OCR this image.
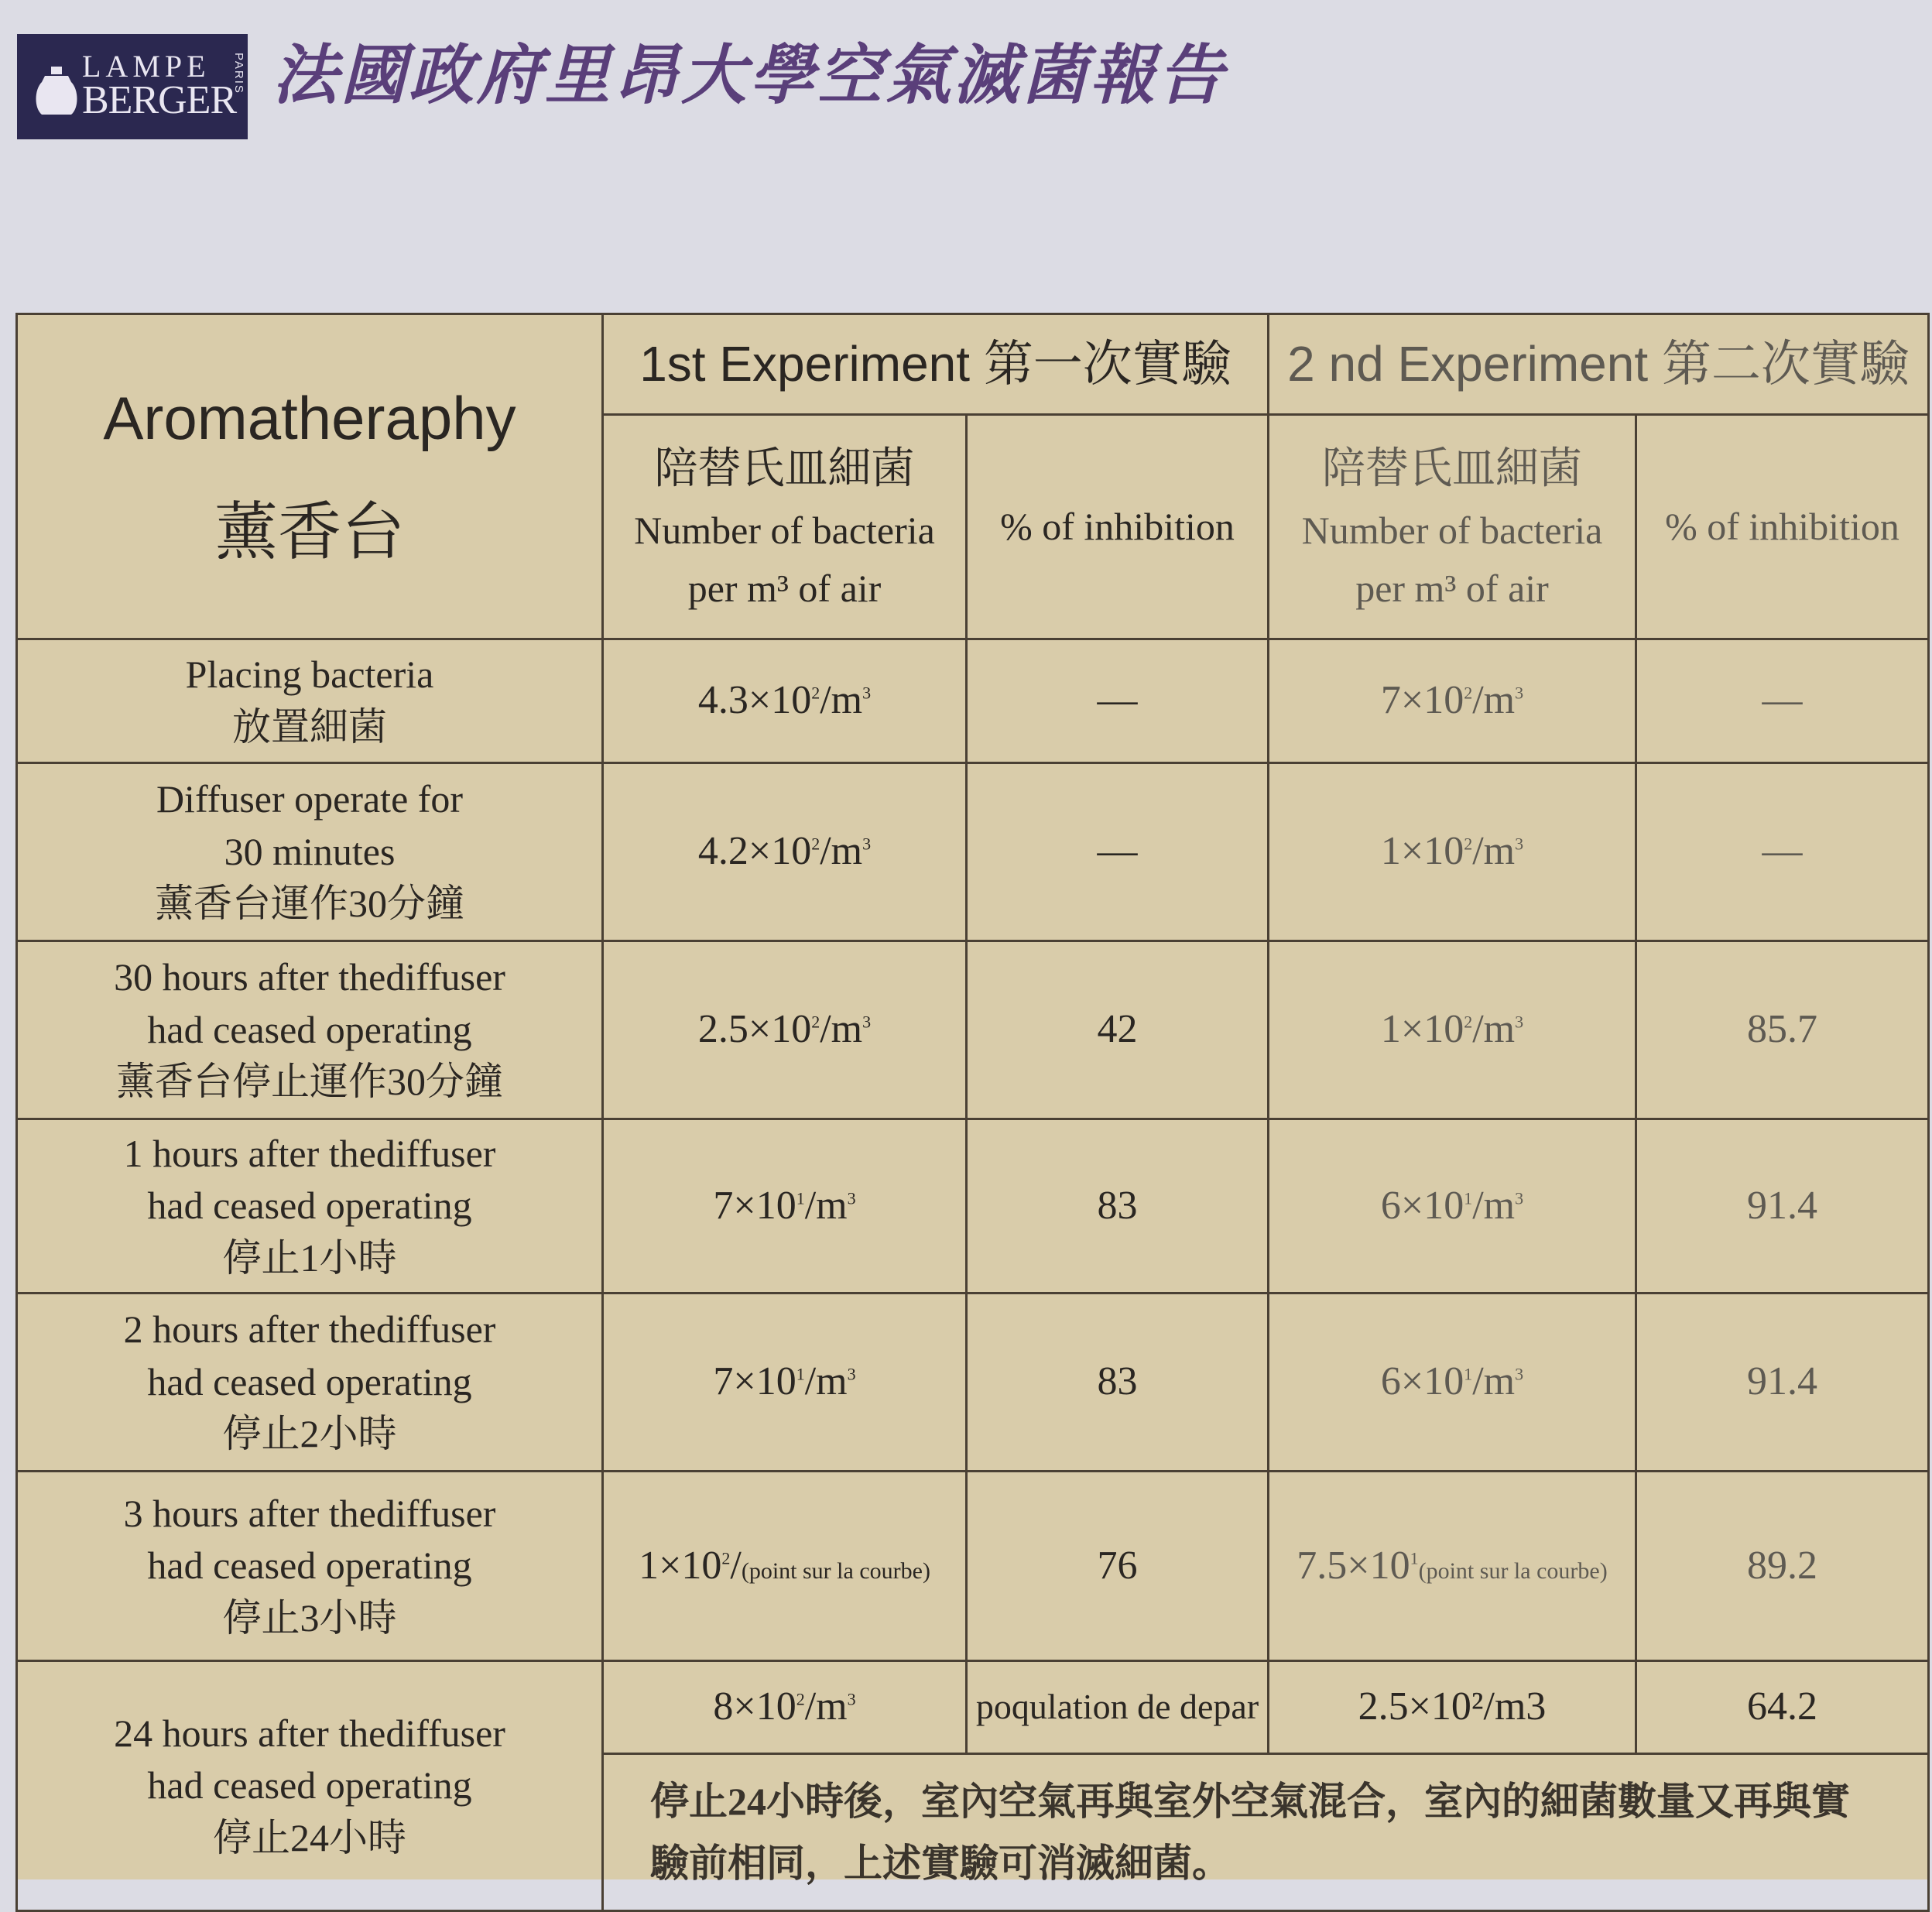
LAMPE
BERGER
PARIS 法國政府里昂大學空氣滅菌報告
Aromatheraphy
薰香台	1st Experiment 第一次實驗		2 nd Experiment 第二次實驗	

	陪替氏皿細菌
Number of bacteria
per m³ of air	% of inhibition	陪替氏皿細菌
Number of bacteria
per m³ of air	% of inhibition

Placing bacteria
放置細菌	$4.3\times 10^2/m^3$	—	$7\times 10^2/m^3$	—

Diffuser operate for
30 minutes
薰香台運作30分鐘	$4.2\times 10^2/m^3$	—	$1\times 10^2/m^3$	—

30 hours after thediffuser
had ceased operating
薰香台停止運作30分鐘	$2.5\times 10^2/m^3$	42	$1\times 10^2/m^3$	85.7

1 hours after thediffuser
had ceased operating
停止1小時	$7\times 10^1/m^3$	83	$6\times 10^1/m^3$	91.4

2 hours after thediffuser
had ceased operating
停止2小時	$7\times 10^1/m^3$	83	$6\times 10^1/m^3$	91.4

3 hours after thediffuser
had ceased operating
停止3小時	$1\times 10^2/(point$ sur la courbe)	76	$7.5\times 10^1(point$ sur la courbe)	89.2

24 hours after thediffuser
had ceased operating
停止24小時	$8\times 10^2/m^3$	poqulation de depar	2.5×10²/m3	64.2
	停止24小時後，室內空氣再與室外空氣混合，室內的細菌數量又再與實驗前相同，上述實驗可消滅細菌。			
